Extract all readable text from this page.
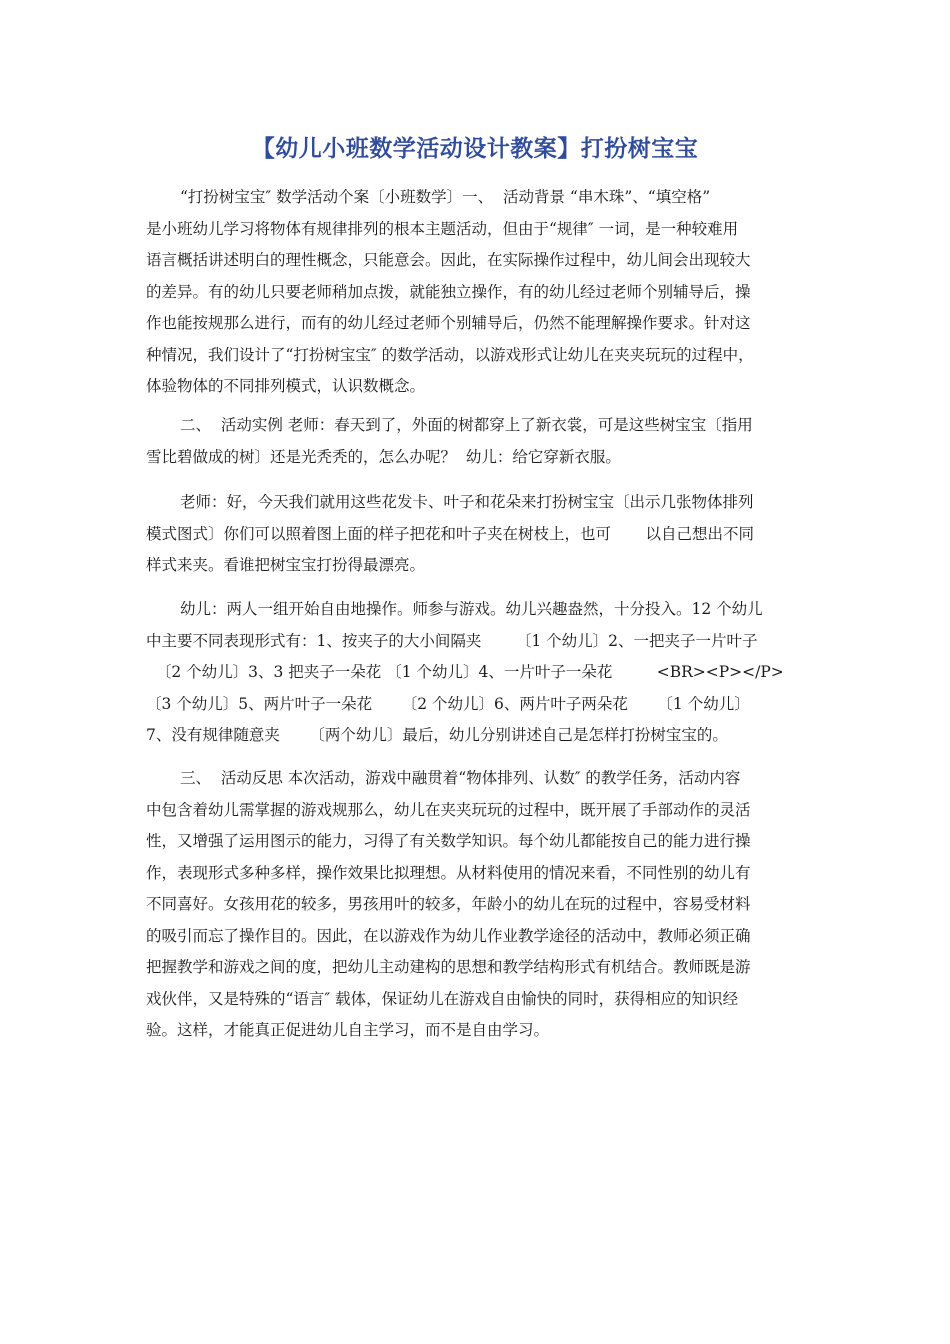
【幼儿小班数学活动设计教案】打扮树宝宝
“打扮树宝宝″ 数学活动个案〔小班数学〕一、  活动背景 “串木珠”、“填空格”
是小班幼儿学习将物体有规律排列的根本主题活动，但由于“规律″ 一词，是一种较难用
语言概括讲述明白的理性概念，只能意会。因此，在实际操作过程中，幼儿间会出现较大
的差异。有的幼儿只要老师稍加点拨，就能独立操作，有的幼儿经过老师个别辅导后，操
作也能按规那么进行，而有的幼儿经过老师个别辅导后，仍然不能理解操作要求。针对这
种情况，我们设计了“打扮树宝宝″ 的数学活动，以游戏形式让幼儿在夹夹玩玩的过程中，
体验物体的不同排列模式，认识数概念。
二、  活动实例 老师：春天到了，外面的树都穿上了新衣裳，可是这些树宝宝〔指用
雪比碧做成的树〕还是光秃秃的，怎么办呢？  幼儿：给它穿新衣服。
老师：好，今天我们就用这些花发卡、叶子和花朵来打扮树宝宝〔出示几张物体排列
模式图式〕你们可以照着图上面的样子把花和叶子夹在树枝上，也可       以自己想出不同
样式来夹。看谁把树宝宝打扮得最漂亮。
幼儿：两人一组开始自由地操作。师参与游戏。幼儿兴趣盎然，十分投入。12 个幼儿
中主要不同表现形式有：1、按夹子的大小间隔夹       〔1 个幼儿〕2、一把夹子一片叶子
〔2 个幼儿〕3、3 把夹子一朵花 〔1 个幼儿〕4、一片叶子一朵花         <BR><P></P>
〔3 个幼儿〕5、两片叶子一朵花      〔2 个幼儿〕6、两片叶子两朵花      〔1 个幼儿〕
7、没有规律随意夹      〔两个幼儿〕最后，幼儿分别讲述自己是怎样打扮树宝宝的。
三、  活动反思 本次活动，游戏中融贯着“物体排列、认数″ 的教学任务，活动内容
中包含着幼儿需掌握的游戏规那么，幼儿在夹夹玩玩的过程中，既开展了手部动作的灵活
性，又增强了运用图示的能力，习得了有关数学知识。每个幼儿都能按自己的能力进行操
作，表现形式多种多样，操作效果比拟理想。从材料使用的情况来看，不同性别的幼儿有
不同喜好。女孩用花的较多，男孩用叶的较多，年龄小的幼儿在玩的过程中，容易受材料
的吸引而忘了操作目的。因此，在以游戏作为幼儿作业教学途径的活动中，教师必须正确
把握教学和游戏之间的度，把幼儿主动建构的思想和教学结构形式有机结合。教师既是游
戏伙伴，又是特殊的“语言″ 载体，保证幼儿在游戏自由愉快的同时，获得相应的知识经
验。这样，才能真正促进幼儿自主学习，而不是自由学习。
